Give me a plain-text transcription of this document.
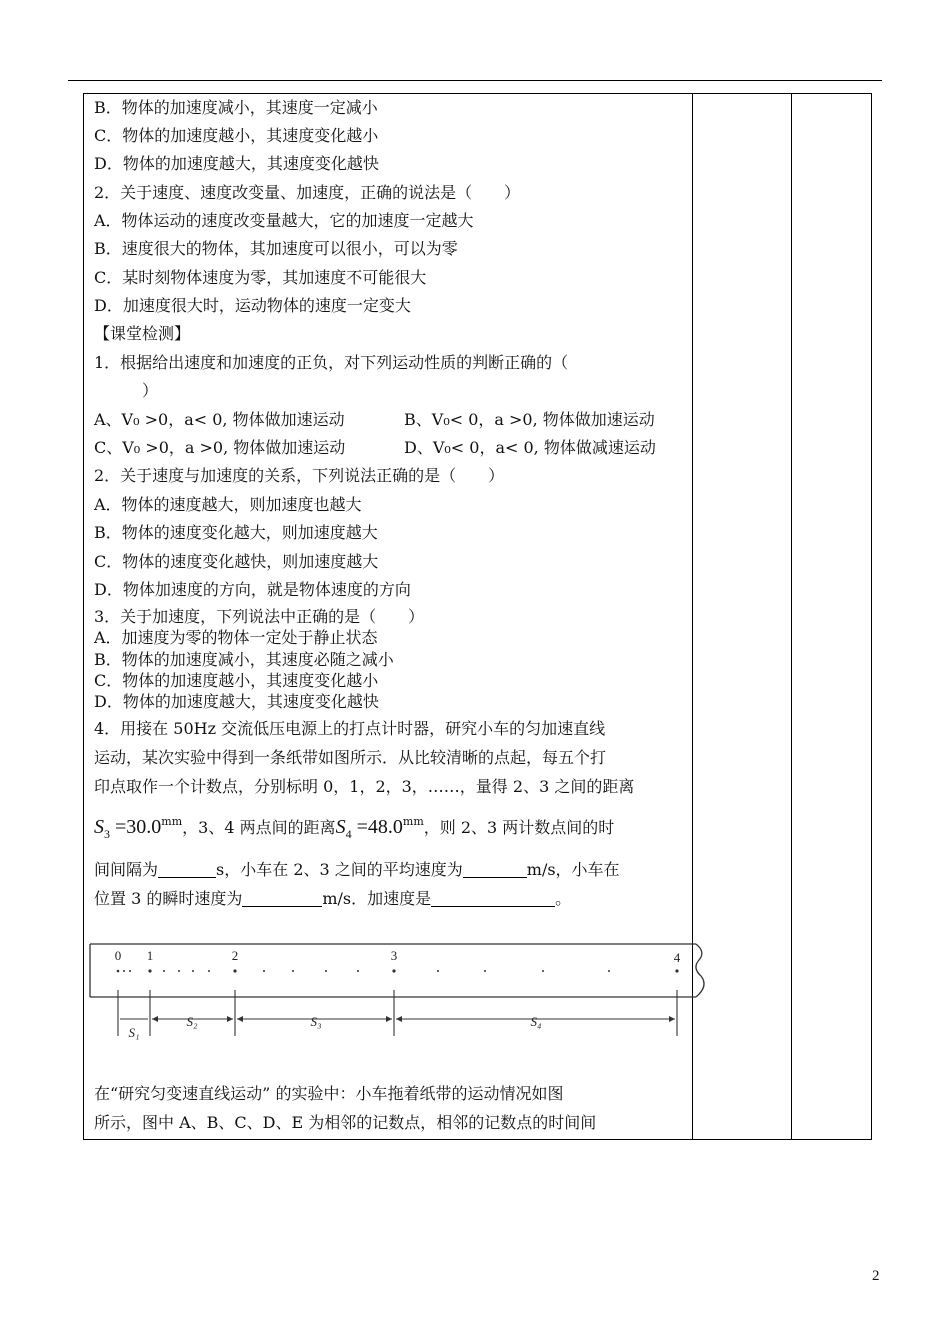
B．物体的加速度减小，其速度一定减小
C．物体的加速度越小，其速度变化越小
D．物体的加速度越大，其速度变化越快
2．关于速度、速度改变量、加速度，正确的说法是（　　）
A．物体运动的速度改变量越大，它的加速度一定越大
B．速度很大的物体，其加速度可以很小，可以为零
C．某时刻物体速度为零，其加速度不可能很大
D．加速度很大时，运动物体的速度一定变大
【课堂检测】
1．根据给出速度和加速度的正负，对下列运动性质的判断正确的（
）
A、V₀ >0，a< 0, 物体做加速运动	B、V₀< 0，a >0, 物体做加速运动
C、V₀ >0，a >0, 物体做加速运动	D、V₀< 0，a< 0, 物体做减速运动
2．关于速度与加速度的关系，下列说法正确的是（　　）
A．物体的速度越大，则加速度也越大
B．物体的速度变化越大，则加速度越大
C．物体的速度变化越快，则加速度越大
D．物体加速度的方向，就是物体速度的方向
3．关于加速度，下列说法中正确的是（　　）
A．加速度为零的物体一定处于静止状态
B．物体的加速度减小，其速度必随之减小
C．物体的加速度越小，其速度变化越小
D．物体的加速度越大，其速度变化越快
4．用接在 50Hz 交流低压电源上的打点计时器，研究小车的匀加速直线
运动，某次实验中得到一条纸带如图所示．从比较清晰的点起，每五个打
印点取作一个计数点，分别标明 0，1，2，3，……，量得 2、3 之间的距离
$S_3 =30.0^{mm}$，3、4 两点间的距离$S_4 =48.0^{mm}$，则 2、3 两计数点间的时
间间隔为	s，小车在 2、3 之间的平均速度为	m/s，小车在
位置 3 的瞬时速度为	m/s．加速度是	。
在“研究匀变速直线运动” 的实验中：小车拖着纸带的运动情况如图
所示，图中 A、B、C、D、E 为相邻的记数点，相邻的记数点的时间间
0 1	2	3	4
S₁
S₂	S₃	S₄
2
